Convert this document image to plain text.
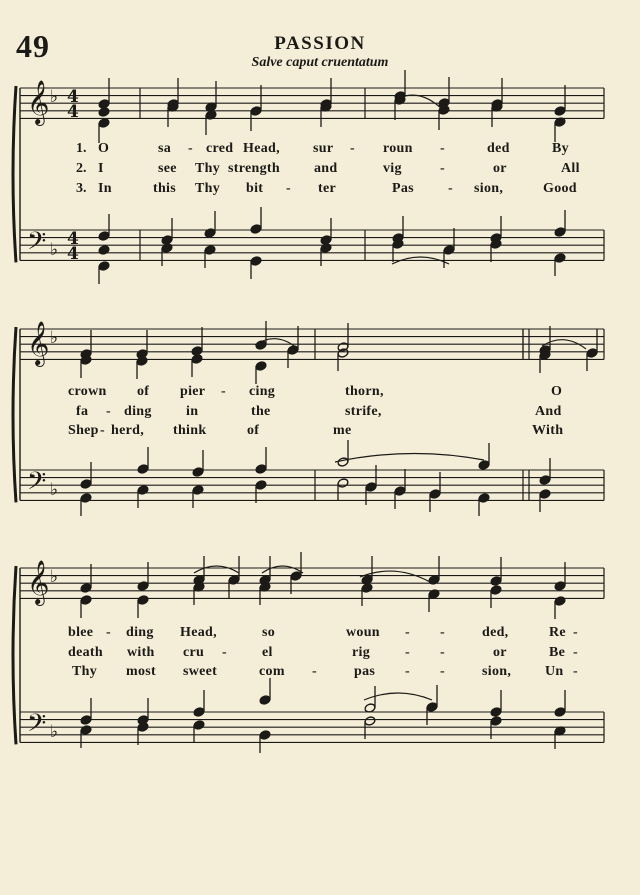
49	PASSION
Salve caput cruentatum
𝄞
𝄢
♭
♭
4
4
4
4
𝄞
𝄢
♭
♭
𝄞
𝄢
♭
♭
1.
2.
3.
O	sa - cred Head, sur - roun -	ded	By
I	see Thy strength and	vig	-	or	All
In	this Thy bit - ter	Pas - sion,	Good
crown of pier - cing	thorn,	O
fa - ding in	the	strife,	And
Shep - herd, think	of	me	With
blee - ding Head,	so	woun - -	ded,	Re -
death with cru -	el	rig - -	or	Be -
Thy most sweet	com -	pas - -	sion, Un -
